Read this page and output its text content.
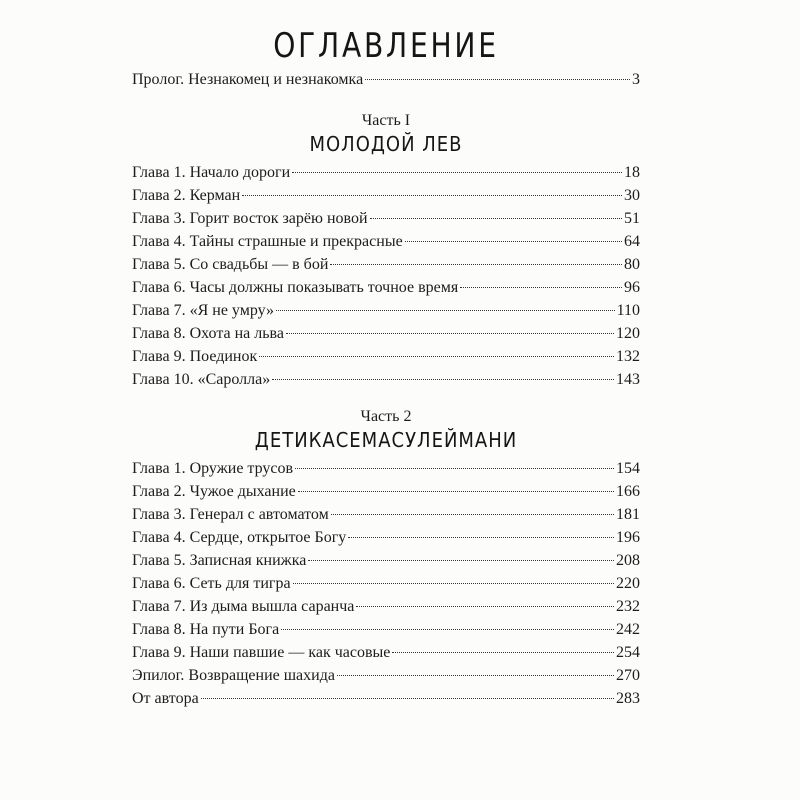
ОГЛАВЛЕНИЕ
Пролог. Незнакомец и незнакомка	3
Часть I
МОЛОДОЙ ЛЕВ
Глава 1. Начало дороги	18
Глава 2. Керман	30
Глава 3. Горит восток зарёю новой	51
Глава 4. Тайны страшные и прекрасные	64
Глава 5. Со свадьбы — в бой	80
Глава 6. Часы должны показывать точное время	96
Глава 7. «Я не умру»	110
Глава 8. Охота на льва	120
Глава 9. Поединок	132
Глава 10. «Саролла»	143
Часть 2
ДЕТИКАСЕМАСУЛЕЙМАНИ
Глава 1. Оружие трусов	154
Глава 2. Чужое дыхание	166
Глава 3. Генерал с автоматом	181
Глава 4. Сердце, открытое Богу	196
Глава 5. Записная книжка	208
Глава 6. Сеть для тигра	220
Глава 7. Из дыма вышла саранча	232
Глава 8. На пути Бога	242
Глава 9. Наши павшие — как часовые	254
Эпилог. Возвращение шахида	270
От автора	283
